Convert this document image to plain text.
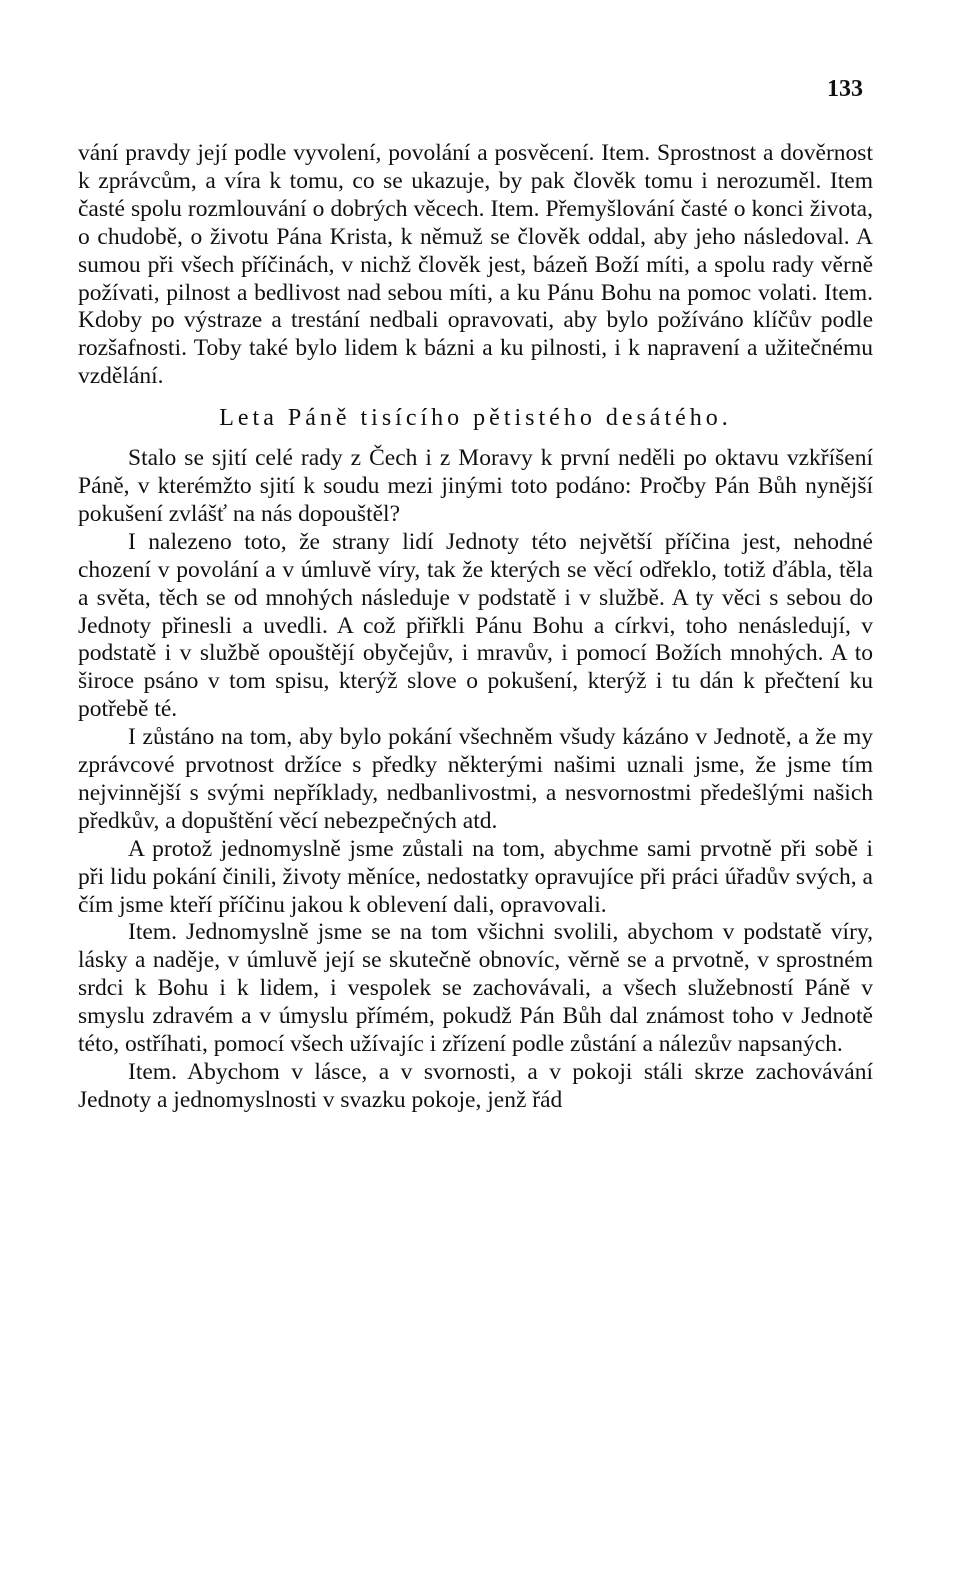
133

vání pravdy její podle vyvolení, povolání a posvěcení. Item. Sprostnost a dověrnost k zprávcům, a víra k tomu, co se ukazuje, by pak člověk tomu i nerozuměl. Item časté spolu rozmlouvání o dobrých věcech. Item. Přemyšlování časté o konci života, o chudobě, o životu Pána Krista, k němuž se člověk oddal, aby jeho následoval. A sumou při všech příčinách, v nichž člověk jest, bázeň Boží míti, a spolu rady věrně požívati, pilnost a bedlivost nad sebou míti, a ku Pánu Bohu na pomoc volati. Item. Kdoby po výstraze a trestání nedbali opravovati, aby bylo požíváno klíčův podle rozšafnosti. Toby také bylo lidem k bázni a ku pilnosti, i k napravení a užitečnému vzdělání.

Leta Páně tisícího pětistého desátého.

Stalo se sjití celé rady z Čech i z Moravy k první neděli po oktavu vzkříšení Páně, v kterémžto sjití k soudu mezi jinými toto podáno: Pročby Pán Bůh nynější pokušení zvlášť na nás dopouštěl?

I nalezeno toto, že strany lidí Jednoty této největší příčina jest, nehodné chození v povolání a v úmluvě víry, tak že kterých se věcí odřeklo, totiž ďábla, těla a světa, těch se od mnohých následuje v podstatě i v službě. A ty věci s sebou do Jednoty přinesli a uvedli. A což přiřkli Pánu Bohu a církvi, toho nenásledují, v podstatě i v službě opouštějí obyčejův, i mravův, i pomocí Božích mnohých. A to široce psáno v tom spisu, kterýž slove o pokušení, kterýž i tu dán k přečtení ku potřebě té.

I zůstáno na tom, aby bylo pokání všechněm všudy kázáno v Jednotě, a že my zprávcové prvotnost držíce s předky některými našimi uznali jsme, že jsme tím nejvinnější s svými nepříklady, nedbanlivostmi, a nesvornostmi předešlými našich předkův, a dopuštění věcí nebezpečných atd.

A protož jednomyslně jsme zůstali na tom, abychme sami prvotně při sobě i při lidu pokání činili, životy měníce, nedostatky opravujíce při práci úřadův svých, a čím jsme kteří příčinu jakou k oblevení dali, opravovali.

Item. Jednomyslně jsme se na tom všichni svolili, abychom v podstatě víry, lásky a naděje, v úmluvě její se skutečně obnovíc, věrně se a prvotně, v sprostném srdci k Bohu i k lidem, i vespolek se zachovávali, a všech služebností Páně v smyslu zdravém a v úmyslu přímém, pokudž Pán Bůh dal známost toho v Jednotě této, ostříhati, pomocí všech užívajíc i zřízení podle zůstání a nálezův napsaných.

Item. Abychom v lásce, a v svornosti, a v pokoji stáli skrze zachovávání Jednoty a jednomyslnosti v svazku pokoje, jenž řád
